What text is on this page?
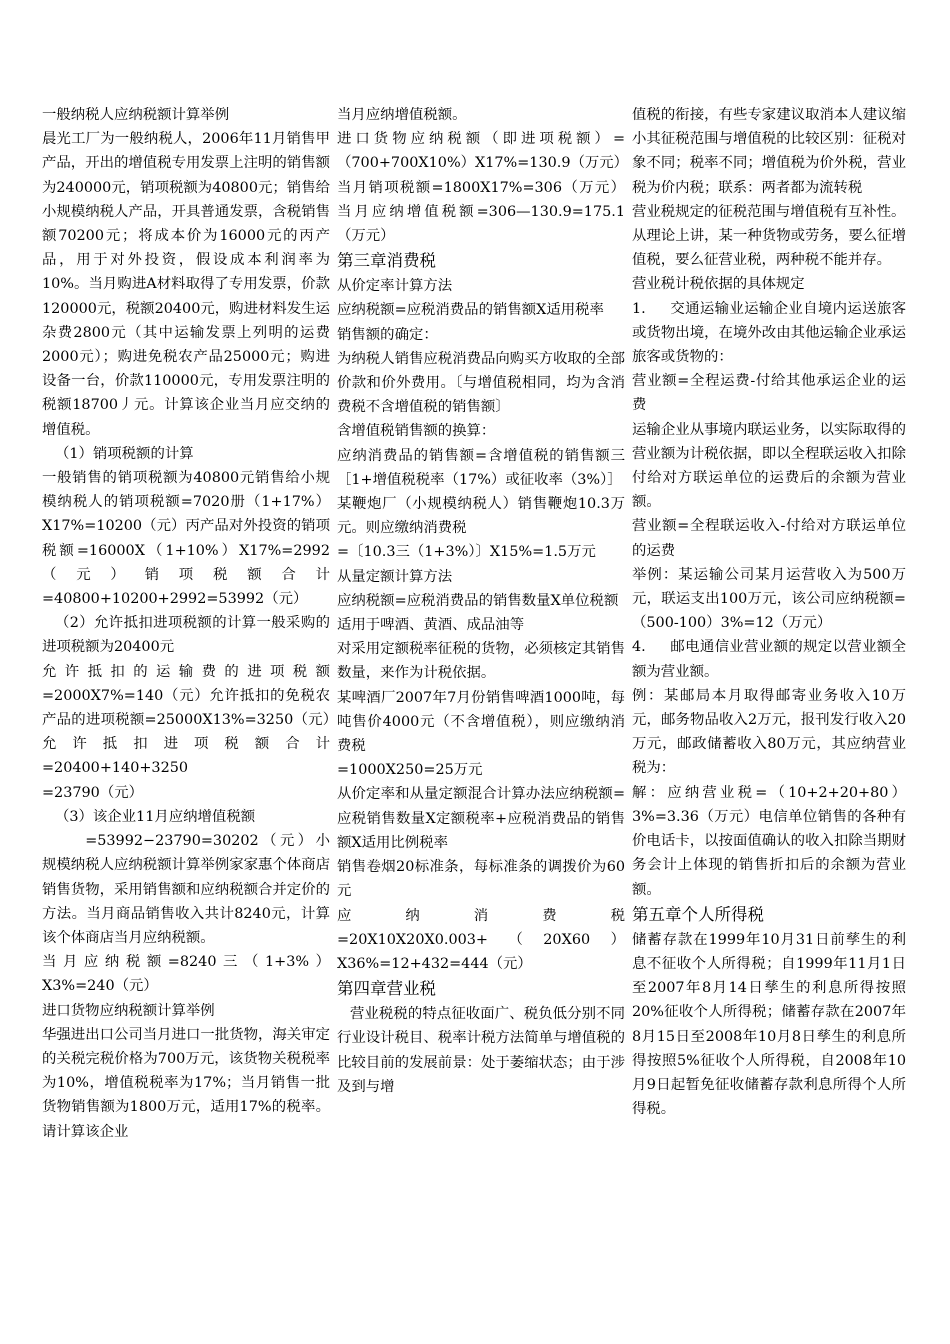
一般纳税人应纳税额计算举例

晨光工厂为一般纳税人，2006年11月销售甲产品，开出的增值税专用发票上注明的销售额为240000元，销项税额为40800元；销售给小规模纳税人产品，开具普通发票，含税销售额70200元；将成本价为16000元的丙产品，用于对外投资，假设成本利润率为10%。当月购进A材料取得了专用发票，价款120000元，税额20400元，购进材料发生运杂费2800元（其中运输发票上列明的运费2000元）；购进免税农产品25000元；购进设备一台，价款110000元，专用发票注明的税额18700丿元。计算该企业当月应交纳的增值税。

（1）销项税额的计算

一般销售的销项税额为40800元销售给小规模纳税人的销项税额=7020册（1+17%）X17%=10200（元）丙产品对外投资的销项税额=16000X（1+10%）X17%=2992（元）销项税额合计=40800+10200+2992=53992（元）

（2）允许抵扣进项税额的计算一般采购的进项税额为20400元

允许抵扣的运输费的进项税额=2000X7%=140（元）允许抵扣的免税农产品的进项税额=25000X13%=3250（元）允许抵扣进项税额合计=20400+140+3250

=23790（元）

（3）该企业11月应纳增值税额

=53992−23790=30202（元）小规模纳税人应纳税额计算举例家家惠个体商店销售货物，采用销售额和应纳税额合并定价的方法。当月商品销售收入共计8240元，计算该个体商店当月应纳税额。

当月应纳税额=8240三（1+3%）X3%=240（元）

进口货物应纳税额计算举例

华强进出口公司当月进口一批货物，海关审定的关税完税价格为700万元，该货物关税税率为10%，增值税税率为17%；当月销售一批货物销售额为1800万元，适用17%的税率。请计算该企业

当月应纳增值税额。

进口货物应纳税额（即进项税额）=（700+700X10%）X17%=130.9（万元）

当月销项税额=1800X17%=306（万元）当月应纳增值税额=306—130.9=175.1（万元）

第三章消费税

从价定率计算方法

应纳税额=应税消费品的销售额X适用税率

销售额的确定：

为纳税人销售应税消费品向购买方收取的全部价款和价外费用。〔与增值税相同，均为含消费税不含增值税的销售额〕

含增值税销售额的换算：

应纳消费品的销售额=含增值税的销售额三［1+增值税税率（17%）或征收率（3%）］

某鞭炮厂（小规模纳税人）销售鞭炮10.3万元。则应缴纳消费税

=〔10.3三（1+3%）〕X15%=1.5万元

从量定额计算方法

应纳税额=应税消费品的销售数量X单位税额

适用于啤酒、黄酒、成品油等

对采用定额税率征税的货物，必须核定其销售数量，来作为计税依据。

某啤酒厂2007年7月份销售啤酒1000吨，每吨售价4000元（不含增值税），则应缴纳消费税

=1000X250=25万元

从价定率和从量定额混合计算办法应纳税额=应税销售数量X定额税率+应税消费品的销售额X适用比例税率

销售卷烟20标准条，每标准条的调拨价为60元

应纳消费税=20X10X20X0.003+（20X60）X36%=12+432=444（元）

第四章营业税

营业税税的特点征收面广、税负低分别不同行业设计税目、税率计税方法简单与增值税的比较目前的发展前景：处于萎缩状态；由于涉及到与增

值税的衔接，有些专家建议取消本人建议缩小其征税范围与增值税的比较区别：征税对象不同；税率不同；增值税为价外税，营业税为价内税；联系：两者都为流转税

营业税规定的征税范围与增值税有互补性。

从理论上讲，某一种货物或劳务，要么征增值税，要么征营业税，两种税不能并存。

营业税计税依据的具体规定

1. 交通运输业运输企业自境内运送旅客或货物出境，在境外改由其他运输企业承运旅客或货物的：

营业额=全程运费-付给其他承运企业的运费

运输企业从事境内联运业务，以实际取得的营业额为计税依据，即以全程联运收入扣除付给对方联运单位的运费后的余额为营业额。

营业额=全程联运收入-付给对方联运单位的运费

举例：某运输公司某月运营收入为500万元，联运支出100万元，该公司应纳税额=（500-100）3%=12（万元）

4. 邮电通信业营业额的规定以营业额全额为营业额。

例：某邮局本月取得邮寄业务收入10万元，邮务物品收入2万元，报刊发行收入20万元，邮政储蓄收入80万元，其应纳营业税为：

解：应纳营业税=（10+2+20+80）3%=3.36（万元）电信单位销售的各种有价电话卡，以按面值确认的收入扣除当期财务会计上体现的销售折扣后的余额为营业额。

第五章个人所得税

储蓄存款在1999年10月31日前孳生的利息不征收个人所得税；自1999年11月1日至2007年8月14日孳生的利息所得按照20%征收个人所得税；储蓄存款在2007年8月15日至2008年10月8日孳生的利息所得按照5%征收个人所得税，自2008年10月9日起暂免征收储蓄存款利息所得个人所得税。
